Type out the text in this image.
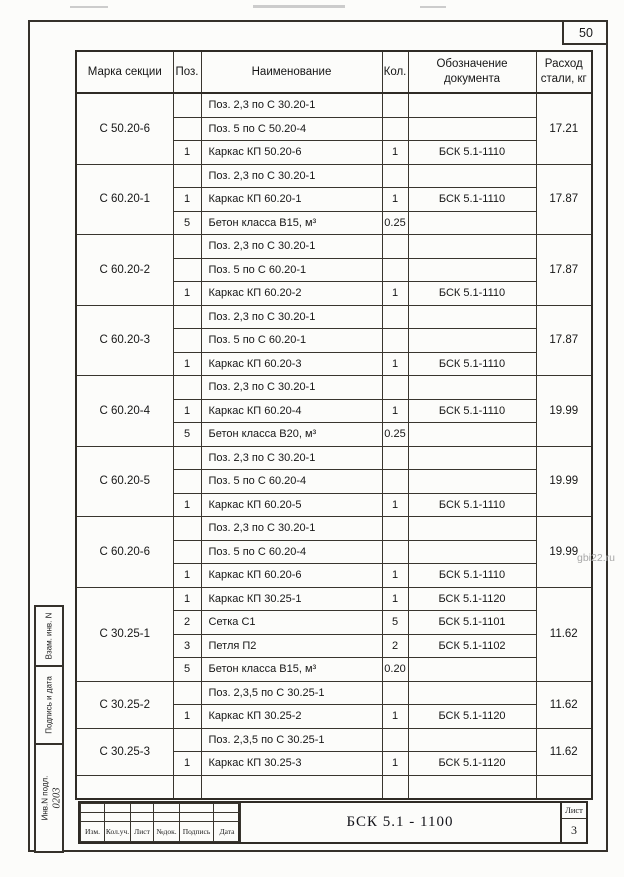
50
Марка секции	Поз.	Наименование	Кол.	Обозначение документа	Расход стали, кг
С 50.20-6		Поз. 2,3 по С 30.20-1			17.21
		Поз. 5 по С 50.20-4			
	1	Каркас КП 50.20-6	1	БСК 5.1-1110	
С 60.20-1		Поз. 2,3 по С 30.20-1			17.87
	1	Каркас КП 60.20-1	1	БСК 5.1-1110	
	5	Бетон класса В15, м³	0.25		
С 60.20-2		Поз. 2,3 по С 30.20-1			17.87
		Поз. 5 по С 60.20-1			
	1	Каркас КП 60.20-2	1	БСК 5.1-1110	
С 60.20-3		Поз. 2,3 по С 30.20-1			17.87
		Поз. 5 по С 60.20-1			
	1	Каркас КП 60.20-3	1	БСК 5.1-1110	
С 60.20-4		Поз. 2,3 по С 30.20-1			19.99
	1	Каркас КП 60.20-4	1	БСК 5.1-1110	
	5	Бетон класса В20, м³	0.25		
С 60.20-5		Поз. 2,3 по С 30.20-1			19.99
		Поз. 5 по С 60.20-4			
	1	Каркас КП 60.20-5	1	БСК 5.1-1110	
С 60.20-6		Поз. 2,3 по С 30.20-1			19.99
		Поз. 5 по С 60.20-4			
	1	Каркас КП 60.20-6	1	БСК 5.1-1110	
С 30.25-1	1	Каркас КП 30.25-1	1	БСК 5.1-1120	11.62
	2	Сетка С1	5	БСК 5.1-1101	
	3	Петля П2	2	БСК 5.1-1102	
	5	Бетон класса В15, м³	0.20		
С 30.25-2		Поз. 2,3,5 по С 30.25-1			11.62
	1	Каркас КП 30.25-2	1	БСК 5.1-1120	
С 30.25-3		Поз. 2,3,5 по С 30.25-1			11.62
	1	Каркас КП 30.25-3	1	БСК 5.1-1120	

Изм.	Кол.уч.	Лист	№док.	Подпись	Дата
БСК 5.1 - 1100
Лист
3
Взам. инв. N
Подпись и дата
Инв.N подл. 0203
gbi22.ru
